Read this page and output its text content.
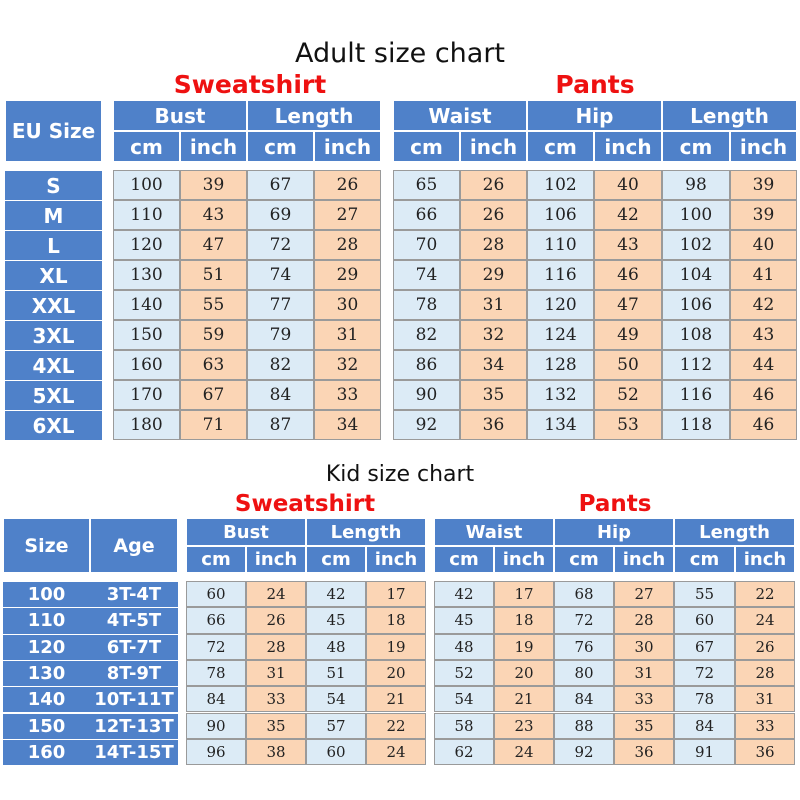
Adult size chart
Kid size chart
Sweatshirt	Pants
Sweatshirt	Pants
EU Size
Size	Age
Bust	Length	Waist	Hip	Length
cm	inch	cm	inch	cm	inch	cm	inch	cm	inch
S	100	39	67	26	65	26	102	40	98	39
M	110	43	69	27	66	26	106	42	100	39
L	120	47	72	28	70	28	110	43	102	40
XL	130	51	74	29	74	29	116	46	104	41
XXL	140	55	77	30	78	31	120	47	106	42
3XL	150	59	79	31	82	32	124	49	108	43
4XL	160	63	82	32	86	34	128	50	112	44
5XL	170	67	84	33	90	35	132	52	116	46
6XL	180	71	87	34	92	36	134	53	118	46
Bust	Length	Waist	Hip	Length
cm	inch	cm	inch	cm	inch	cm	inch	cm	inch
100	3T-4T	60	24	42	17	42	17	68	27	55	22
110	4T-5T	66	26	45	18	45	18	72	28	60	24
120	6T-7T	72	28	48	19	48	19	76	30	67	26
130	8T-9T	78	31	51	20	52	20	80	31	72	28
140	10T-11T	84	33	54	21	54	21	84	33	78	31
150	12T-13T	90	35	57	22	58	23	88	35	84	33
160	14T-15T	96	38	60	24	62	24	92	36	91	36
